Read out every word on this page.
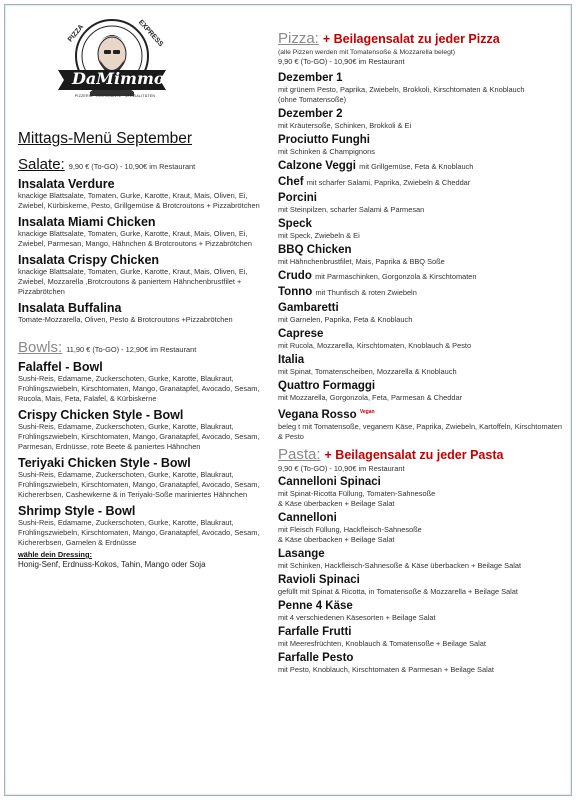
DaMimmo
PIZZA	EXPRESS
PIZZERIA · RISTORANTE · SPEZIALITÄTEN
Mittags-Menü September
Salate: 9,90 € (To-GO) - 10,90€ im Restaurant
Insalata Verdure
knackige Blattsalate, Tomaten, Gurke, Karotte, Kraut, Mais, Oliven, Ei, Zwiebel, Kürbiskerne, Pesto, Grillgemüse & Brotcroutons + Pizzabrötchen
Insalata Miami Chicken
knackige Blattsalate, Tomaten, Gurke, Karotte, Kraut, Mais, Oliven, Ei, Zwiebel, Parmesan, Mango, Hähnchen & Brotcroutons + Pizzabrötchen
Insalata Crispy Chicken
knackige Blattsalate, Tomaten, Gurke, Karotte, Kraut, Mais, Oliven, Ei, Zwiebel, Mozzarella ,Brotcroutons & paniertem Hähnchenbrustfilet + Pizzabrötchen
Insalata Buffalina
Tomate-Mozzarella, Oliven, Pesto & Brotcroutons +Pizzabrötchen
Bowls: 11,90 € (To-GO) - 12,90€ im Restaurant
Falaffel - Bowl
Sushi-Reis, Edamame, Zuckerschoten, Gurke, Karotte, Blaukraut, Frühlingszwiebeln, Kirschtomaten, Mango, Granatapfel, Avocado, Sesam, Rucola, Mais, Feta, Falafel, & Kürbiskerne
Crispy Chicken Style - Bowl
Sushi-Reis, Edamame, Zuckerschoten, Gurke, Karotte, Blaukraut, Frühlingszwiebeln, Kirschtomaten, Mango, Granatapfel, Avocado, Sesam, Parmesan, Erdnüsse, rote Beete & paniertes Hähnchen
Teriyaki Chicken Style - Bowl
Sushi-Reis, Edamame, Zuckerschoten, Gurke, Karotte, Blaukraut, Frühlingszwiebeln, Kirschtomaten, Mango, Granatapfel, Avocado, Sesam, Kichererbsen, Cashewkerne & in Teriyaki-Soße mariniertes Hähnchen
Shrimp Style - Bowl
Sushi-Reis, Edamame, Zuckerschoten, Gurke, Karotte, Blaukraut, Frühlingszwiebeln, Kirschtomaten, Mango, Granatapfel, Avocado, Sesam, Kichererbsen, Garnelen & Erdnüsse
wähle dein Dressing:
Honig-Senf, Erdnuss-Kokos, Tahin, Mango oder Soja
Pizza: + Beilagensalat zu jeder Pizza
(alle Pizzen werden mit Tomatensoße & Mozzarella belegt)
9,90 € (To-GO) - 10,90€ im Restaurant
Dezember 1
mit grünem Pesto, Paprika, Zwiebeln, Brokkoli, Kirschtomaten & Knoblauch
(ohne Tomatensoße)
Dezember 2
mit Kräutersoße, Schinken, Brokkoli & Ei
Prociutto Funghi
mit Schinken & Champignons
Calzone Veggi mit Grillgemüse, Feta & Knoblauch
Chef mit scharfer Salami, Paprika, Zwiebeln & Cheddar
Porcini
mit Steinpilzen, scharfer Salami & Parmesan
Speck
mit Speck, Zwiebeln & Ei
BBQ Chicken
mit Hähnchenbrustfilet, Mais, Paprika & BBQ Soße
Crudo mit Parmaschinken, Gorgonzola & Kirschtomaten
Tonno mit Thunfisch & roten Zwiebeln
Gambaretti
mit Garnelen, Paprika, Feta & Knoblauch
Caprese
mit Rucola, Mozzarella, Kirschtomaten, Knoblauch & Pesto
Italia
mit Spinat, Tomatenscheiben, Mozzarella & Knoblauch
Quattro Formaggi
mit Mozzarella, Gorgonzola, Feta, Parmesan & Cheddar
Vegana Rosso $^{Vegan}$
beleg t mit Tomatensoße, veganem Käse, Paprika, Zwiebeln, Kartoffeln, Kirschtomaten & Pesto
Pasta: + Beilagensalat zu jeder Pasta
9,90 € (To-GO) - 10,90€ im Restaurant
Cannelloni Spinaci
mit Spinat-Ricotta Füllung, Tomaten-Sahnesoße
& Käse überbacken + Beilage Salat
Cannelloni
mit Fleisch Füllung, Hackfleisch-Sahnesoße
& Käse überbacken + Beilage Salat
Lasange
mit Schinken, Hackfleisch-Sahnesoße & Käse überbacken + Beilage Salat
Ravioli Spinaci
gefüllt mit Spinat & Ricotta, in Tomatensoße & Mozzarella + Beilage Salat
Penne 4 Käse
mit 4 verschiedenen Käsesorten + Beilage Salat
Farfalle Frutti
mit Meeresfrüchten, Knoblauch & Tomatensoße + Beilage Salat
Farfalle Pesto
mit Pesto, Knoblauch, Kirschtomaten & Parmesan + Beilage Salat
